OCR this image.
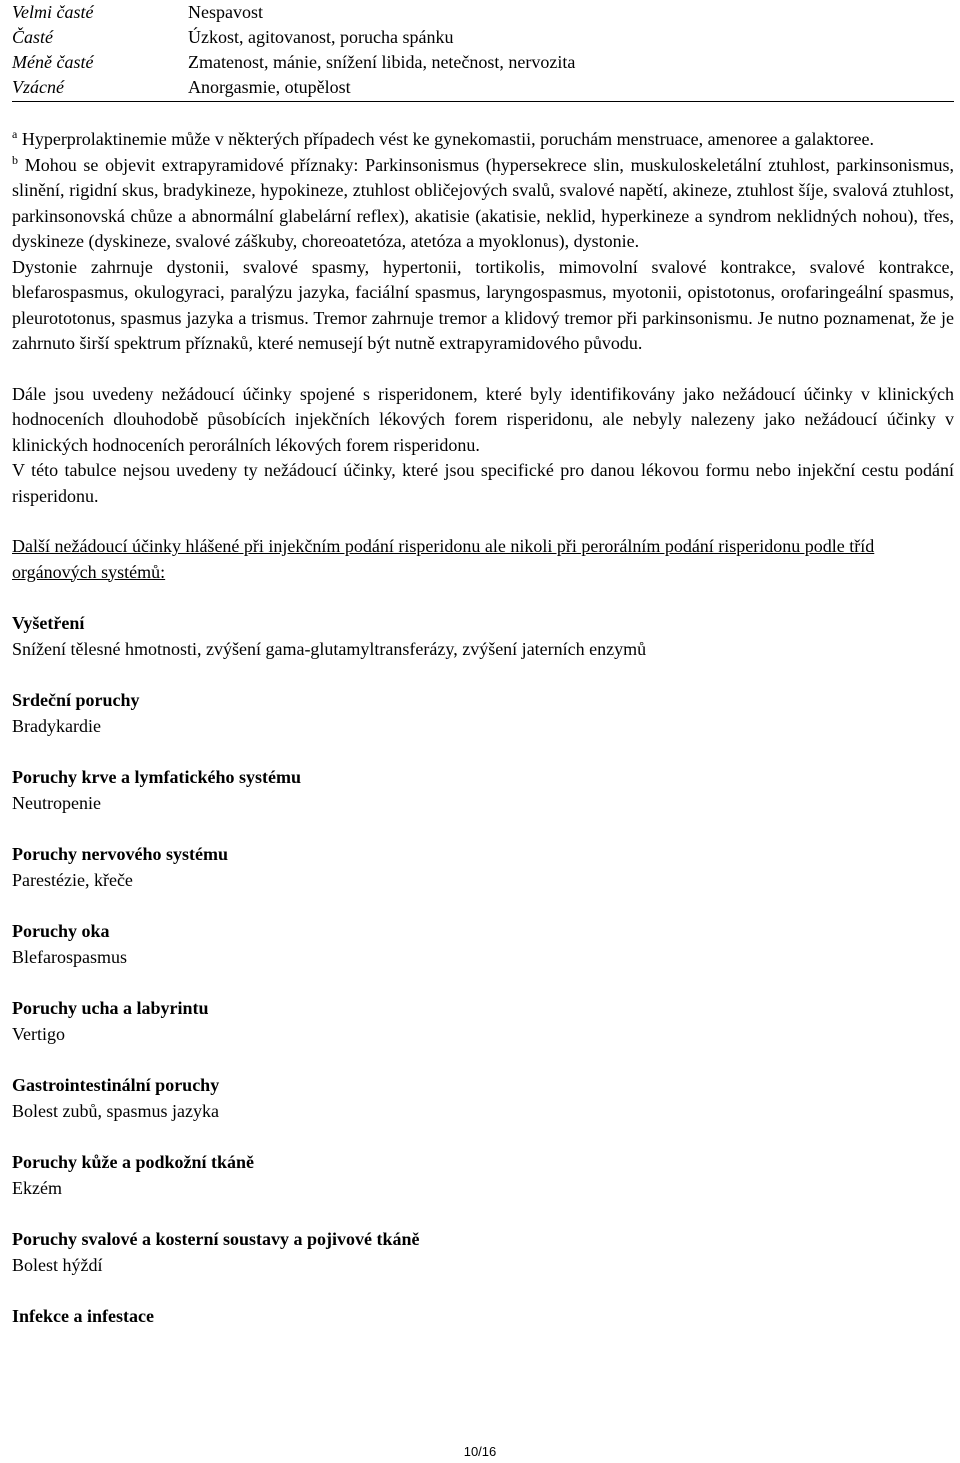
Velmi časté	Nespavost
Časté	Úzkost, agitovanost, porucha spánku
Méně časté	Zmatenost, mánie, snížení libida, netečnost, nervozita
Vzácné	Anorgasmie, otupělost

$^a$ Hyperprolaktinemie může v některých případech vést ke gynekomastii, poruchám menstruace, amenoree a galaktoree.

$^b$ Mohou se objevit extrapyramidové příznaky: Parkinsonismus (hypersekrece slin, muskuloskeletální ztuhlost, parkinsonismus, slinění, rigidní skus, bradykineze, hypokineze, ztuhlost obličejových svalů, svalové napětí, akineze, ztuhlost šíje, svalová ztuhlost, parkinsonovská chůze a abnormální glabelární reflex), akatisie (akatisie, neklid, hyperkineze a syndrom neklidných nohou), třes, dyskineze (dyskineze, svalové záškuby, choreoatetóza, atetóza a myoklonus), dystonie.

Dystonie zahrnuje dystonii, svalové spasmy, hypertonii, tortikolis, mimovolní svalové kontrakce, svalové kontrakce, blefarospasmus, okulogyraci, paralýzu jazyka, faciální spasmus, laryngospasmus, myotonii, opistotonus, orofaringeální spasmus, pleurototonus, spasmus jazyka a trismus. Tremor zahrnuje tremor a klidový tremor při parkinsonismu. Je nutno poznamenat, že je zahrnuto širší spektrum příznaků, které nemusejí být nutně extrapyramidového původu.

Dále jsou uvedeny nežádoucí účinky spojené s risperidonem, které byly identifikovány jako nežádoucí účinky v klinických hodnoceních dlouhodobě působících injekčních lékových forem risperidonu, ale nebyly nalezeny jako nežádoucí účinky v klinických hodnoceních perorálních lékových forem risperidonu.

V této tabulce nejsou uvedeny ty nežádoucí účinky, které jsou specifické pro danou lékovou formu nebo injekční cestu podání risperidonu.

Další nežádoucí účinky hlášené při injekčním podání risperidonu ale nikoli při perorálním podání risperidonu podle tříd orgánových systémů:

Vyšetření

Snížení tělesné hmotnosti, zvýšení gama-glutamyltransferázy, zvýšení jaterních enzymů

Srdeční poruchy

Bradykardie

Poruchy krve a lymfatického systému

Neutropenie

Poruchy nervového systému

Parestézie, křeče

Poruchy oka

Blefarospasmus

Poruchy ucha a labyrintu

Vertigo

Gastrointestinální poruchy

Bolest zubů, spasmus jazyka

Poruchy kůže a podkožní tkáně

Ekzém

Poruchy svalové a kosterní soustavy a pojivové tkáně

Bolest hýždí

Infekce a infestace

10/16
